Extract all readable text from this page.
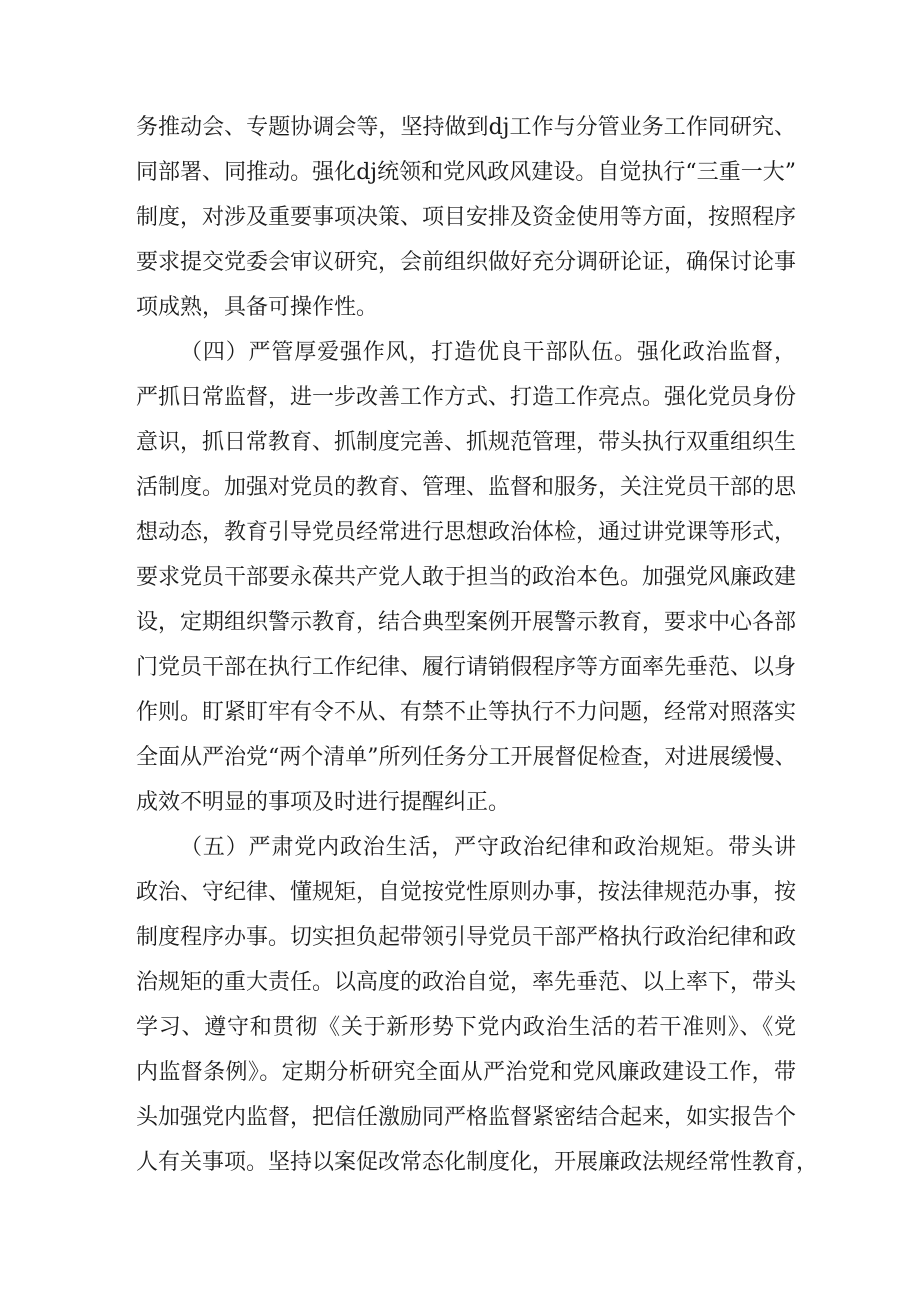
务推动会、专题协调会等，坚持做到dj工作与分管业务工作同研究、
同部署、同推动。强化dj统领和党风政风建设。自觉执行“三重一大”
制度，对涉及重要事项决策、项目安排及资金使用等方面，按照程序
要求提交党委会审议研究，会前组织做好充分调研论证，确保讨论事
项成熟，具备可操作性。
（四）严管厚爱强作风，打造优良干部队伍。强化政治监督，
严抓日常监督，进一步改善工作方式、打造工作亮点。强化党员身份
意识，抓日常教育、抓制度完善、抓规范管理，带头执行双重组织生
活制度。加强对党员的教育、管理、监督和服务，关注党员干部的思
想动态，教育引导党员经常进行思想政治体检，通过讲党课等形式，
要求党员干部要永葆共产党人敢于担当的政治本色。加强党风廉政建
设，定期组织警示教育，结合典型案例开展警示教育，要求中心各部
门党员干部在执行工作纪律、履行请销假程序等方面率先垂范、以身
作则。盯紧盯牢有令不从、有禁不止等执行不力问题，经常对照落实
全面从严治党“两个清单”所列任务分工开展督促检查，对进展缓慢、
成效不明显的事项及时进行提醒纠正。
（五）严肃党内政治生活，严守政治纪律和政治规矩。带头讲
政治、守纪律、懂规矩，自觉按党性原则办事，按法律规范办事，按
制度程序办事。切实担负起带领引导党员干部严格执行政治纪律和政
治规矩的重大责任。以高度的政治自觉，率先垂范、以上率下，带头
学习、遵守和贯彻《关于新形势下党内政治生活的若干准则》、《党
内监督条例》。定期分析研究全面从严治党和党风廉政建设工作，带
头加强党内监督，把信任激励同严格监督紧密结合起来，如实报告个
人有关事项。坚持以案促改常态化制度化，开展廉政法规经常性教育，
